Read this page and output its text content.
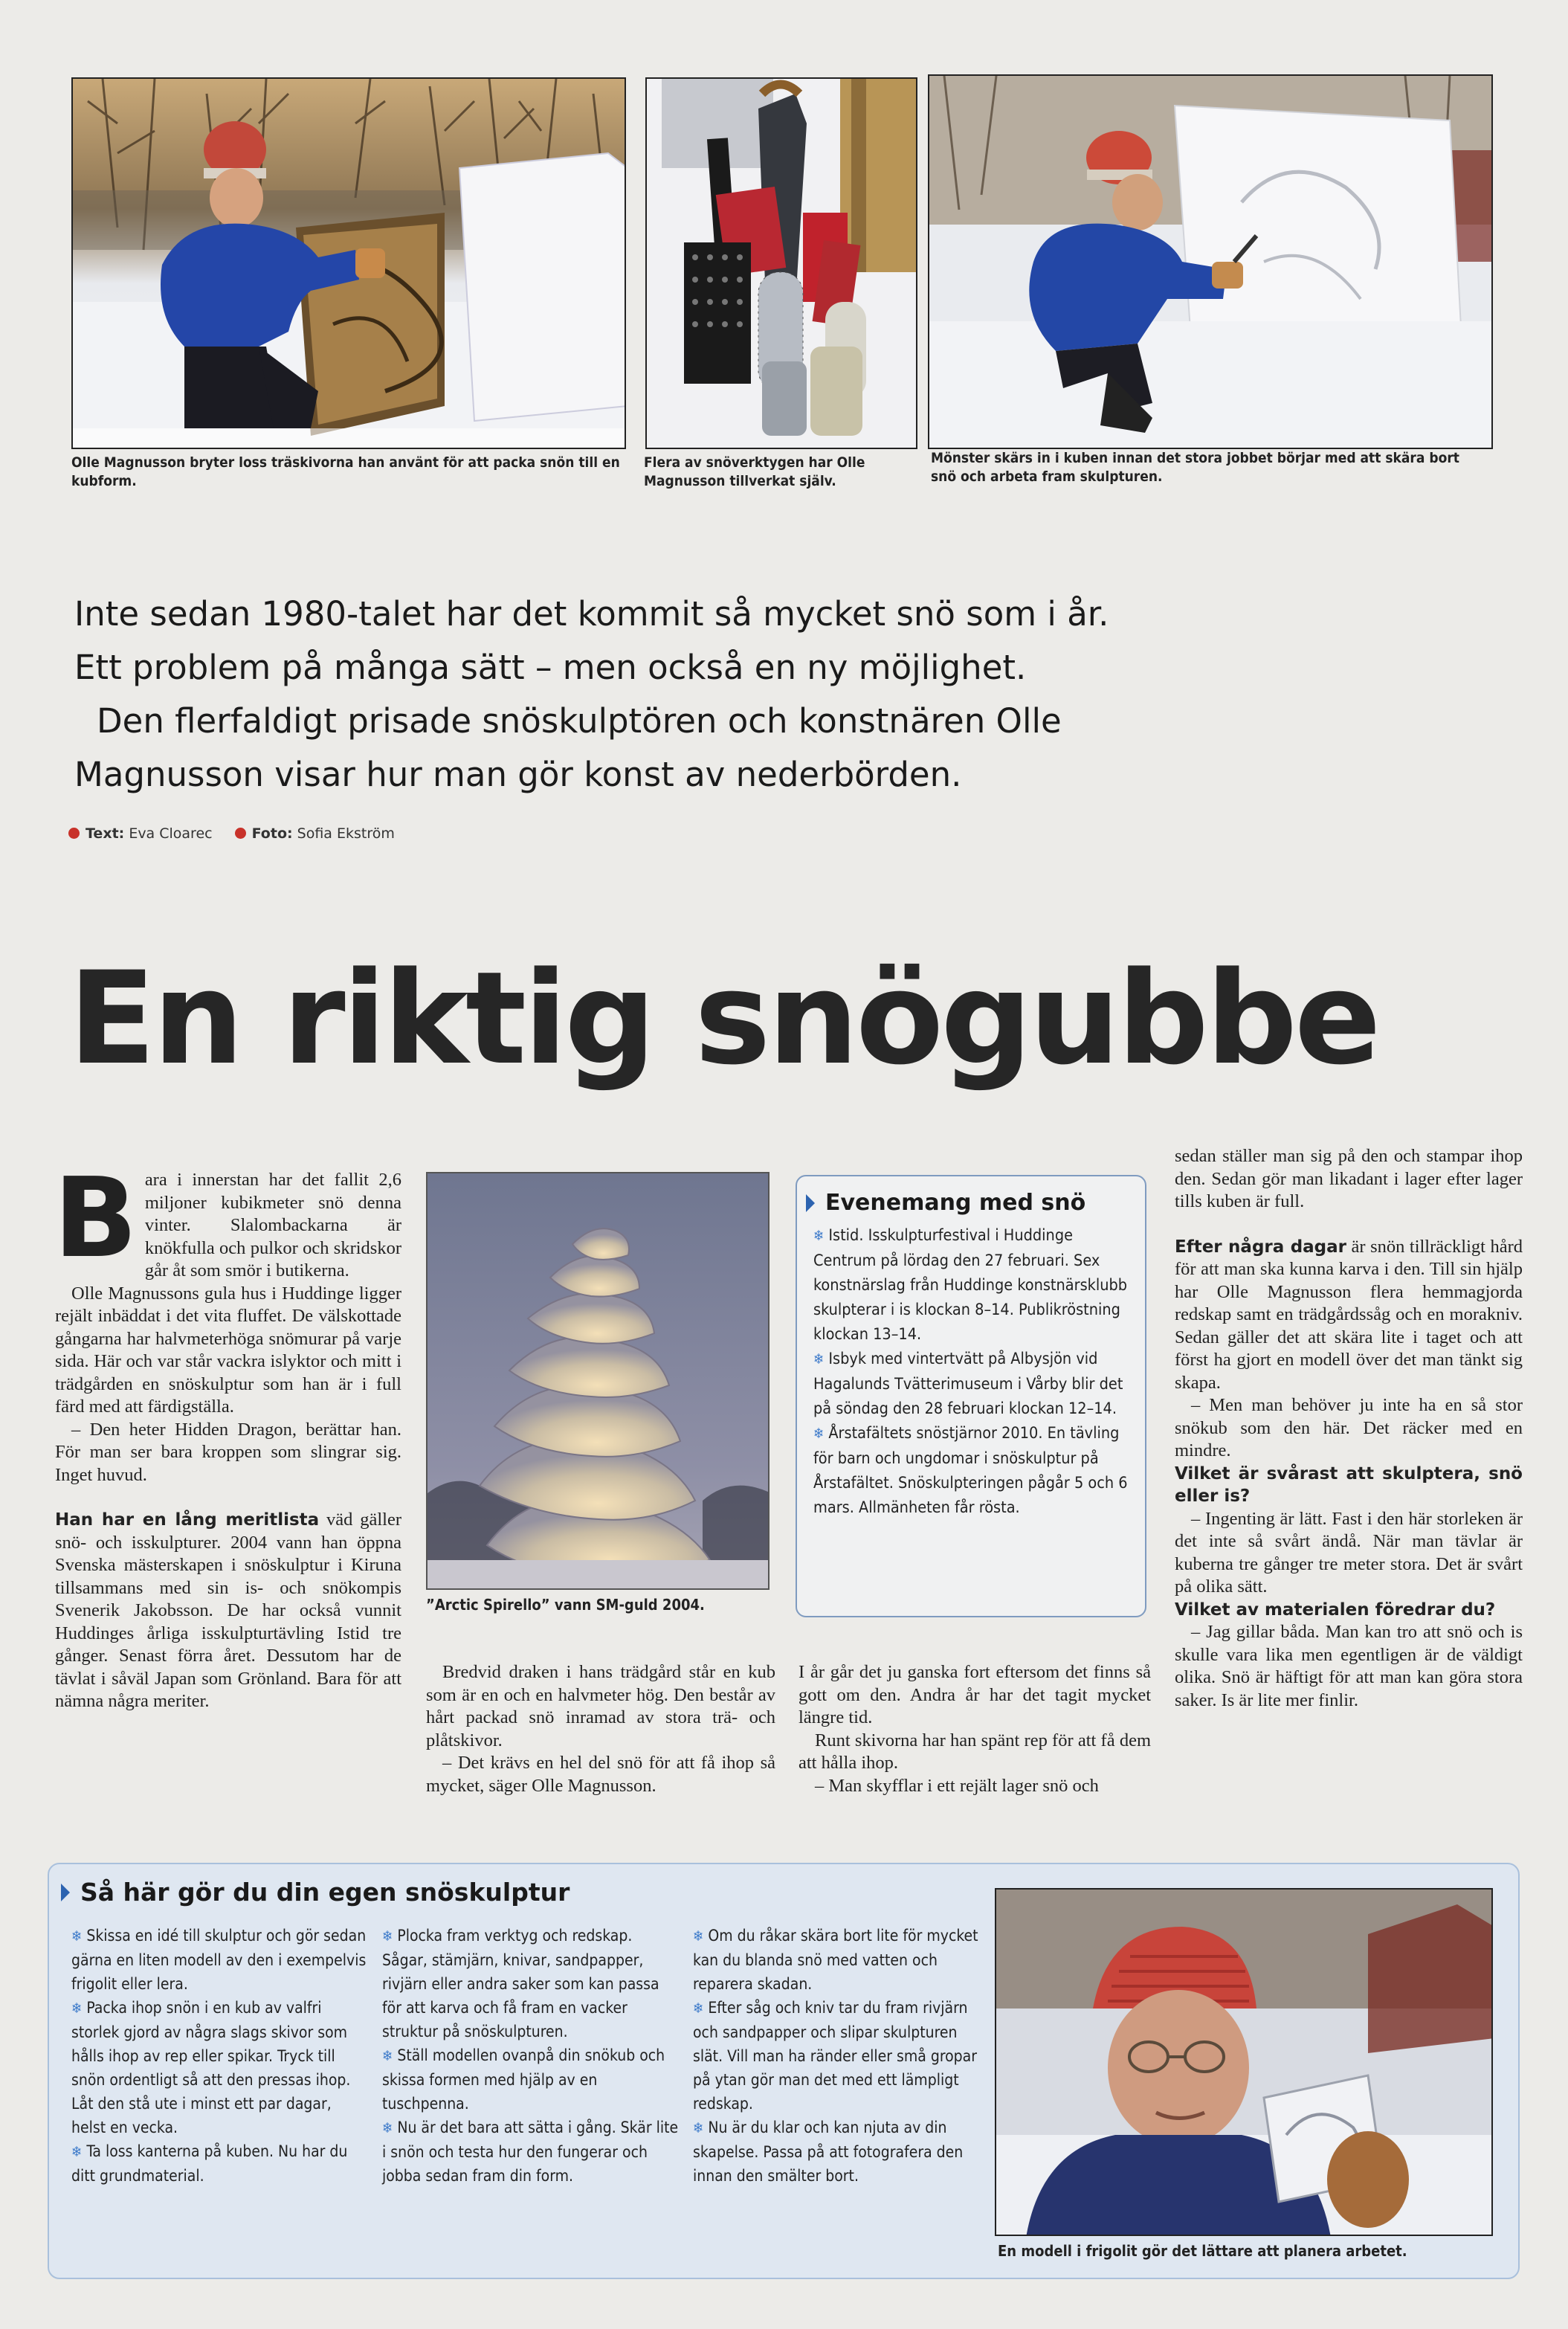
Olle Magnusson bryter loss träskivorna han använt för att packa snön till en kubform.
Flera av snöverktygen har Olle Magnusson tillverkat själv.
Mönster skärs in i kuben innan det stora jobbet börjar med att skära bort snö och arbeta fram skulpturen.

Inte sedan 1980-talet har det kommit så mycket snö som i år.

Ett problem på många sätt – men också en ny möjlighet.

Den flerfaldigt prisade snöskulptören och konstnären Olle

Magnusson visar hur man gör konst av nederbörden.

Text: Eva Cloarec	Foto: Sofia Ekström
En riktig snögubbe

Bara i innerstan har det fallit 2,6 miljoner kubikmeter snö denna vinter. Slalombackarna är knökfulla och pulkor och skridskor går åt som smör i butikerna.

Olle Magnussons gula hus i Huddinge ligger rejält inbäddat i det vita fluffet. De välskottade gångarna har halvmeterhöga snömurar på varje sida. Här och var står vackra islyktor och mitt i trädgården en snöskulptur som han är i full färd med att färdigställa.

– Den heter Hidden Dragon, berättar han. För man ser bara kroppen som slingrar sig. Inget huvud.

Han har en lång meritlista väd gäller snö- och isskulpturer. 2004 vann han öppna Svenska mästerskapen i snöskulptur i Kiruna tillsammans med sin is- och snökompis Svenerik Jakobsson. De har också vunnit Huddinges årliga isskulpturtävling Istid tre gånger. Senast förra året. Dessutom har de tävlat i såväl Japan som Grönland. Bara för att nämna några meriter.

”Arctic Spirello” vann SM-guld 2004.

Bredvid draken i hans trädgård står en kub som är en och en halvmeter hög. Den består av hårt packad snö inramad av stora trä- och plåtskivor.

– Det krävs en hel del snö för att få ihop så mycket, säger Olle Magnusson.

Evenemang med snö
❄ Istid. Isskulpturfestival i Huddinge Centrum på lördag den 27 februari. Sex konstnärslag från Huddinge konstnärsklubb skulpterar i is klockan 8–14. Publikröstning klockan 13–14.
❄ Isbyk med vintertvätt på Albysjön vid Hagalunds Tvätterimuseum i Vårby blir det på söndag den 28 februari klockan 12–14.
❄ Årstafältets snöstjärnor 2010. En tävling för barn och ungdomar i snöskulptur på Årstafältet. Snöskulpteringen pågår 5 och 6 mars. Allmänheten får rösta.

I år går det ju ganska fort eftersom det finns så gott om den. Andra år har det tagit mycket längre tid.

Runt skivorna har han spänt rep för att få dem att hålla ihop.

– Man skyfflar i ett rejält lager snö och

sedan ställer man sig på den och stampar ihop den. Sedan gör man likadant i lager efter lager tills kuben är full.

Efter några dagar är snön tillräckligt hård för att man ska kunna karva i den. Till sin hjälp har Olle Magnusson flera hemmagjorda redskap samt en trädgårdssåg och en morakniv. Sedan gäller det att skära lite i taget och att först ha gjort en modell över det man tänkt sig skapa.

– Men man behöver ju inte ha en så stor snökub som den här. Det räcker med en mindre.

Vilket är svårast att skulptera, snö eller is?

– Ingenting är lätt. Fast i den här storleken är det inte så svårt ändå. När man tävlar är kuberna tre gånger tre meter stora. Det är svårt på olika sätt.

Vilket av materialen föredrar du?

– Jag gillar båda. Man kan tro att snö och is skulle vara lika men egentligen är de väldigt olika. Snö är häftigt för att man kan göra stora saker. Is är lite mer finlir.

Så här gör du din egen snöskulptur

❄ Skissa en idé till skulptur och gör sedan gärna en liten modell av den i exempelvis frigolit eller lera.

❄ Packa ihop snön i en kub av valfri storlek gjord av några slags skivor som hålls ihop av rep eller spikar. Tryck till snön ordentligt så att den pressas ihop. Låt den stå ute i minst ett par dagar, helst en vecka.

❄ Ta loss kanterna på kuben. Nu har du ditt grundmaterial.

❄ Plocka fram verktyg och redskap. Sågar, stämjärn, knivar, sandpapper, rivjärn eller andra saker som kan passa för att karva och få fram en vacker struktur på snöskulpturen.

❄ Ställ modellen ovanpå din snökub och skissa formen med hjälp av en tuschpenna.

❄ Nu är det bara att sätta i gång. Skär lite i snön och testa hur den fungerar och jobba sedan fram din form.

❄ Om du råkar skära bort lite för mycket kan du blanda snö med vatten och reparera skadan.

❄ Efter såg och kniv tar du fram rivjärn och sandpapper och slipar skulpturen slät. Vill man ha ränder eller små gropar på ytan gör man det med ett lämpligt redskap.

❄ Nu är du klar och kan njuta av din skapelse. Passa på att fotografera den innan den smälter bort.

En modell i frigolit gör det lättare att planera arbetet.
